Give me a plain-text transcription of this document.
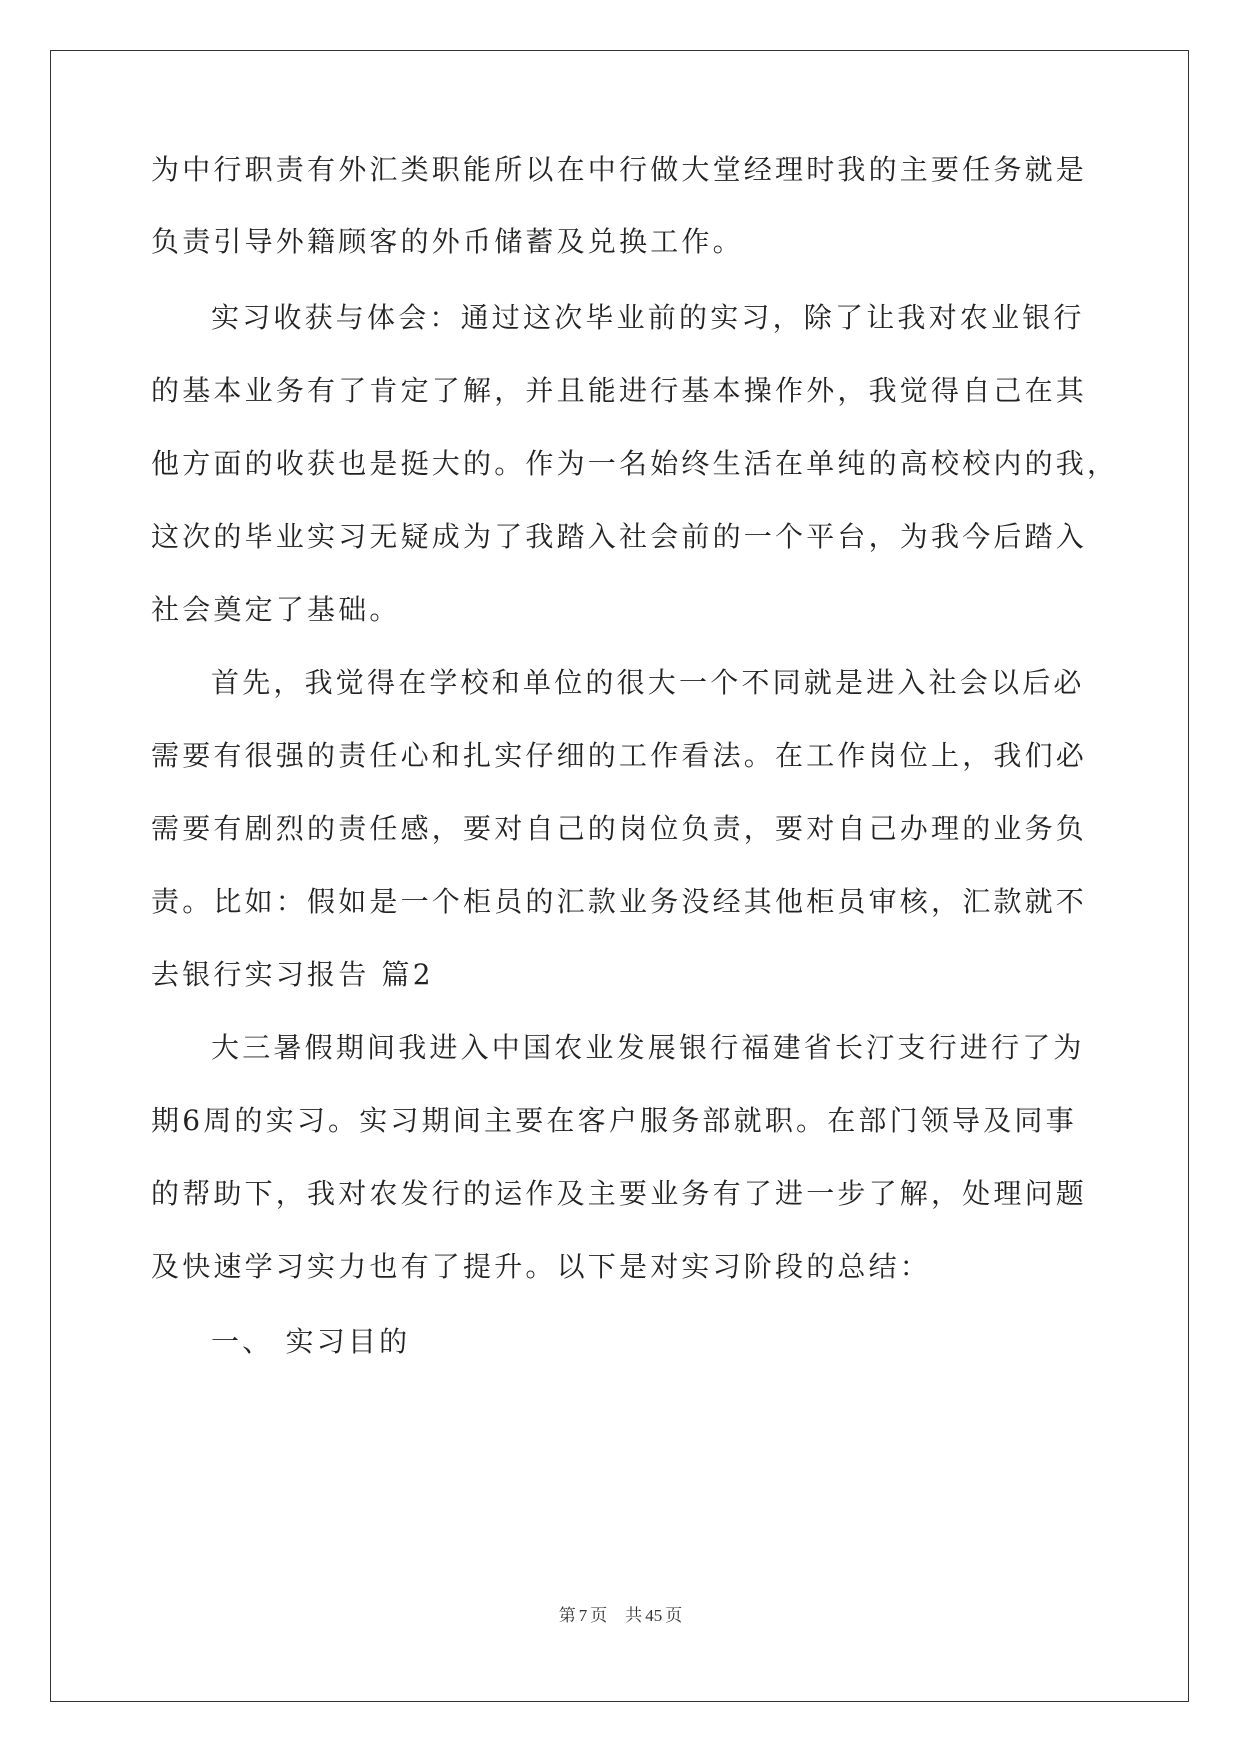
为中行职责有外汇类职能所以在中行做大堂经理时我的主要任务就是
负责引导外籍顾客的外币储蓄及兑换工作。
实习收获与体会：通过这次毕业前的实习，除了让我对农业银行
的基本业务有了肯定了解，并且能进行基本操作外，我觉得自己在其
他方面的收获也是挺大的。作为一名始终生活在单纯的高校校内的我，
这次的毕业实习无疑成为了我踏入社会前的一个平台，为我今后踏入
社会奠定了基础。
首先，我觉得在学校和单位的很大一个不同就是进入社会以后必
需要有很强的责任心和扎实仔细的工作看法。在工作岗位上，我们必
需要有剧烈的责任感，要对自己的岗位负责，要对自己办理的业务负
责。比如：假如是一个柜员的汇款业务没经其他柜员审核，汇款就不
去银行实习报告 篇2
大三暑假期间我进入中国农业发展银行福建省长汀支行进行了为
期6周的实习。实习期间主要在客户服务部就职。在部门领导及同事
的帮助下，我对农发行的运作及主要业务有了进一步了解，处理问题
及快速学习实力也有了提升。以下是对实习阶段的总结：
一、 实习目的
第 7 页 共 45 页
